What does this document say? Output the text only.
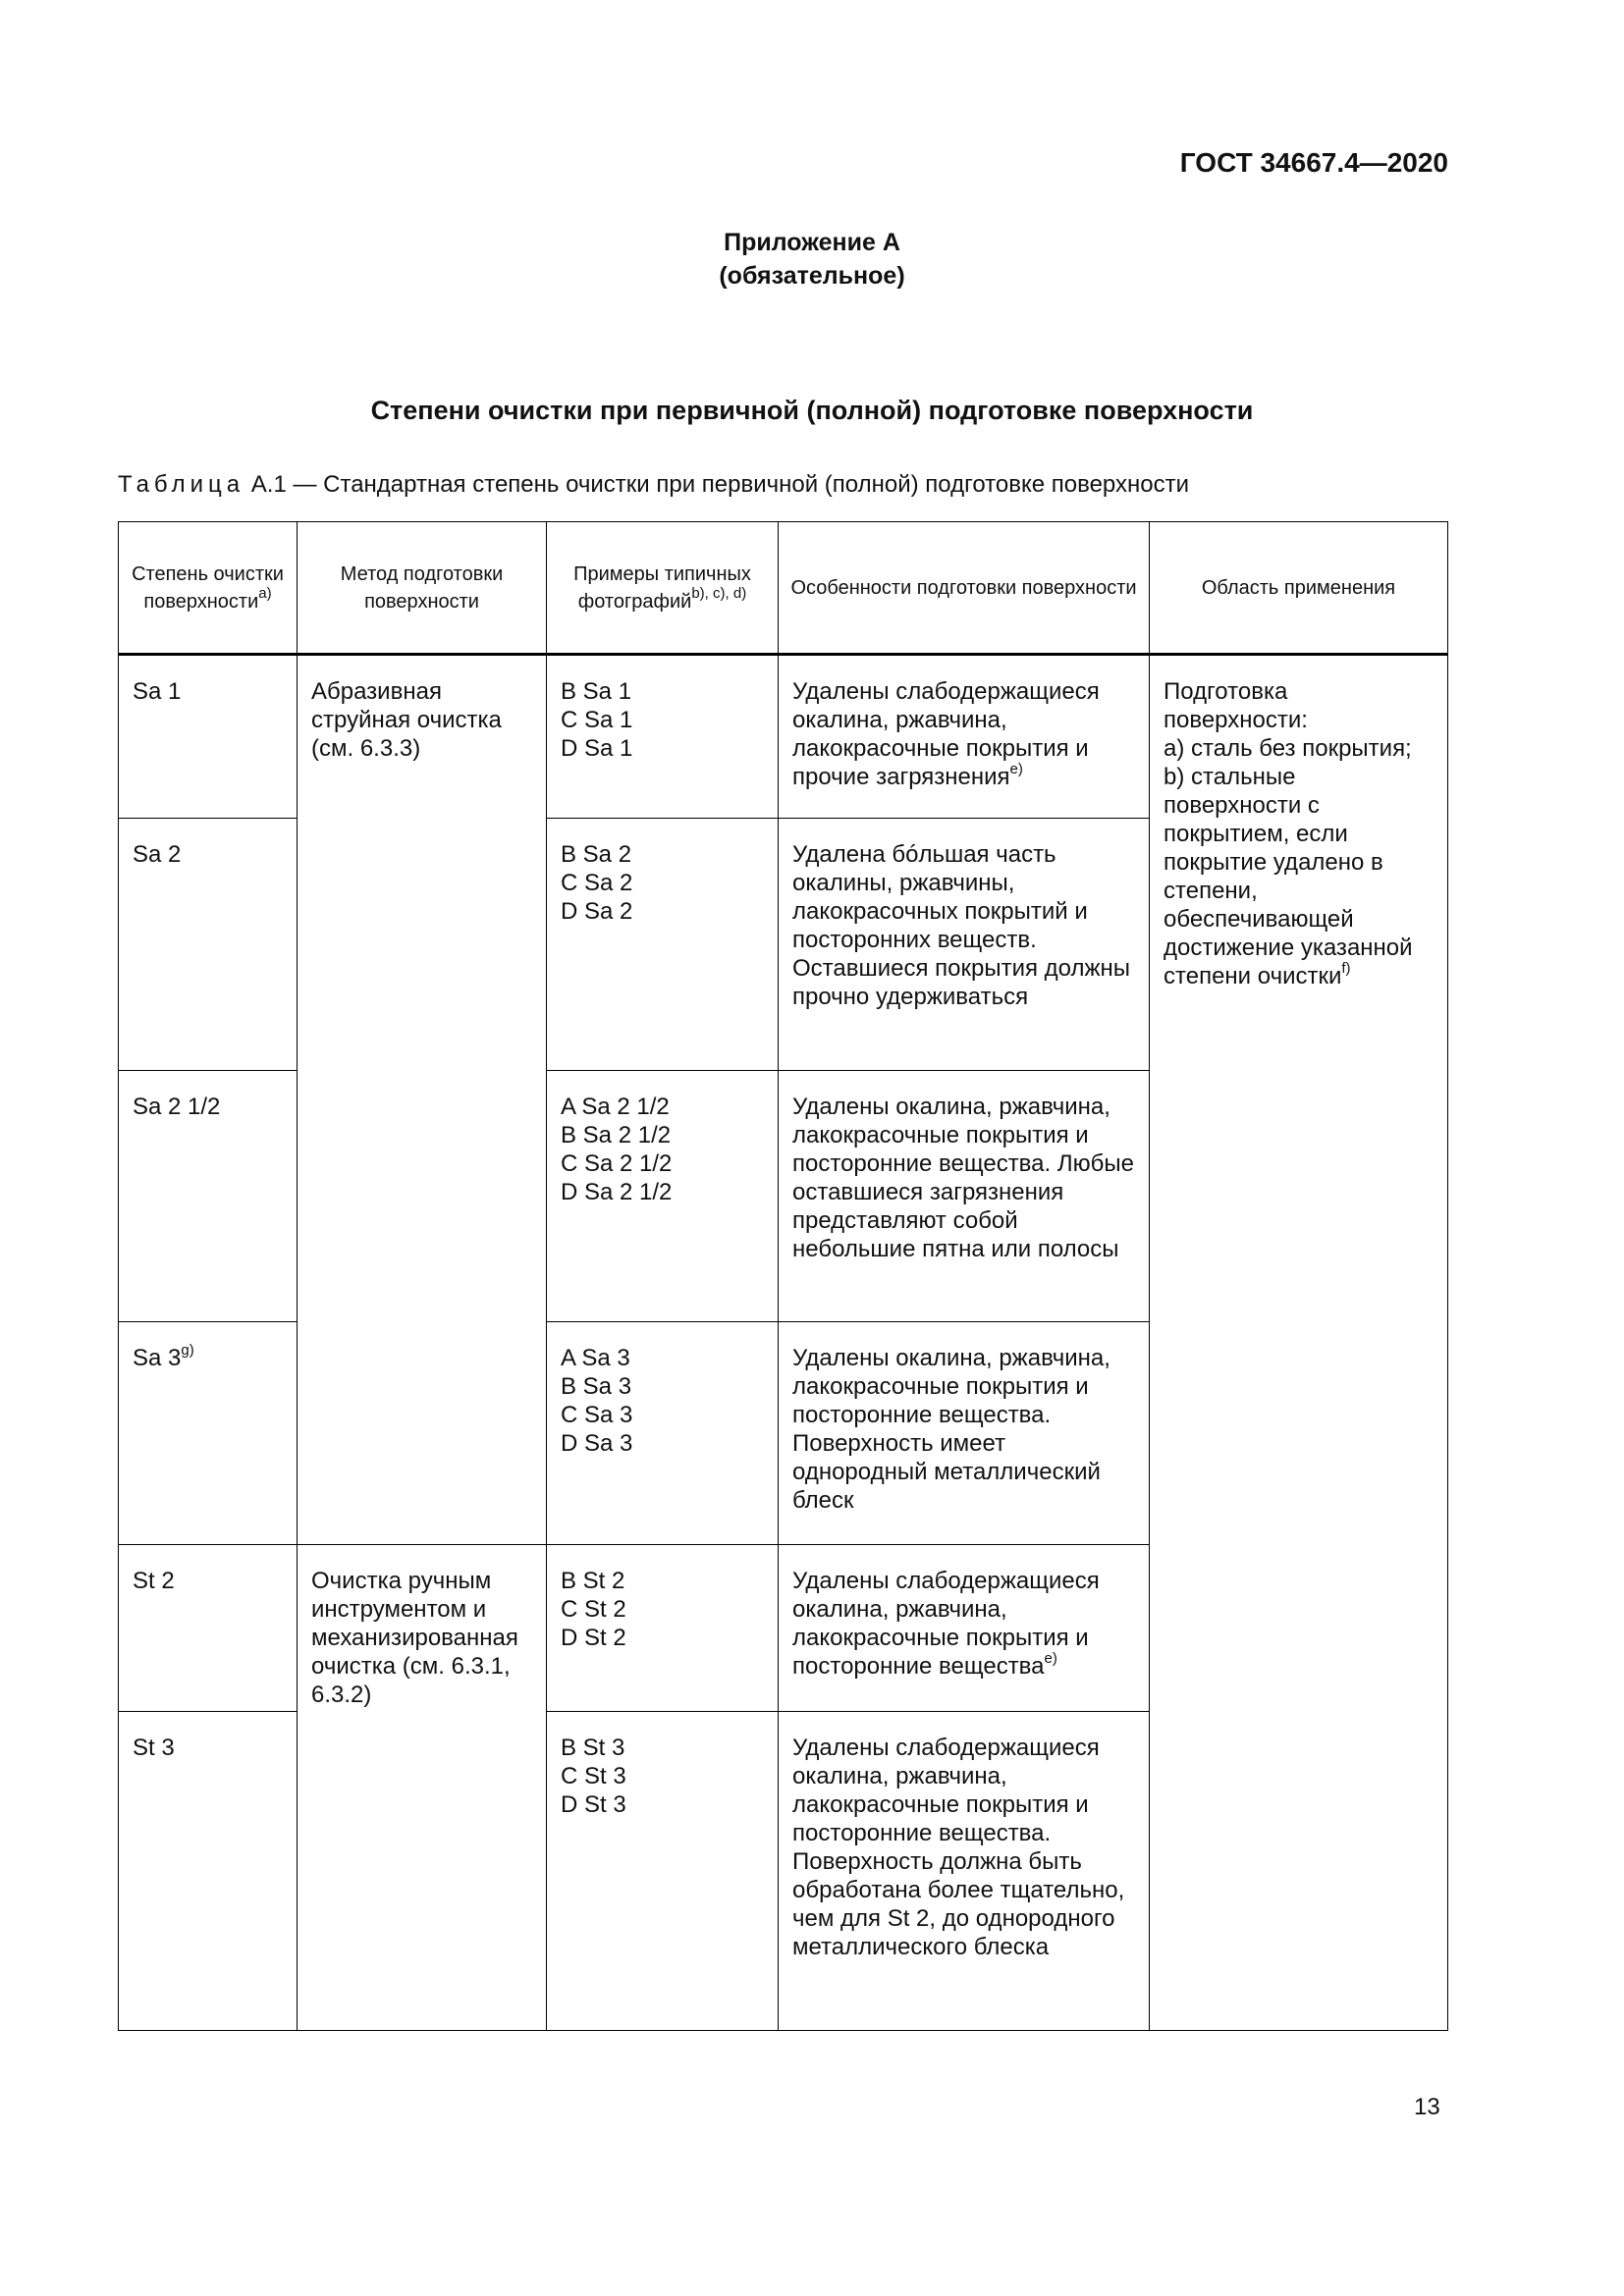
ГОСТ 34667.4—2020
Приложение А
(обязательное)
Степени очистки при первичной (полной) подготовке поверхности
Таблица А.1 — Стандартная степень очистки при первичной (полной) подготовке поверхности
Степень очистки поверхности$^{a)}$	Метод подготовки поверхности	Примеры типичных фотографий$^{b), c), d)}$	Особенности подготовки поверхности	Область применения

Sa 1	Абразивная струйная очистка (см. 6.3.3)	B Sa 1
C Sa 1
D Sa 1	Удалены слабодержащиеся окалина, ржавчина, лакокрасочные покрытия и прочие загрязнения$^{e)}$	Подготовка поверхности:
a) сталь без покрытия;
b) стальные поверхности с покрытием, если покрытие удалено в степени, обеспечивающей достижение указанной степени очистки$^{f)}$

Sa 2		B Sa 2
C Sa 2
D Sa 2	Удалена бóльшая часть окалины, ржавчины, лакокрасочных покрытий и посторонних веществ. Оставшиеся покрытия должны прочно удерживаться	

Sa 2 1/2		A Sa 2 1/2
B Sa 2 1/2
C Sa 2 1/2
D Sa 2 1/2	Удалены окалина, ржавчина, лакокрасочные покрытия и посторонние вещества. Любые оставшиеся загрязнения представляют собой небольшие пятна или полосы	

Sa 3$^{g)}$		A Sa 3
B Sa 3
C Sa 3
D Sa 3	Удалены окалина, ржавчина, лакокрасочные покрытия и посторонние вещества. Поверхность имеет однородный металлический блеск	

St 2	Очистка ручным инструментом и механизированная очистка (см. 6.3.1, 6.3.2)	B St 2
C St 2
D St 2	Удалены слабодержащиеся окалина, ржавчина, лакокрасочные покрытия и посторонние вещества$^{e)}$

St 3		B St 3
C St 3
D St 3	Удалены слабодержащиеся окалина, ржавчина, лакокрасочные покрытия и посторонние вещества. Поверхность должна быть обработана более тщательно, чем для St 2, до однородного металлического блеска	
13
